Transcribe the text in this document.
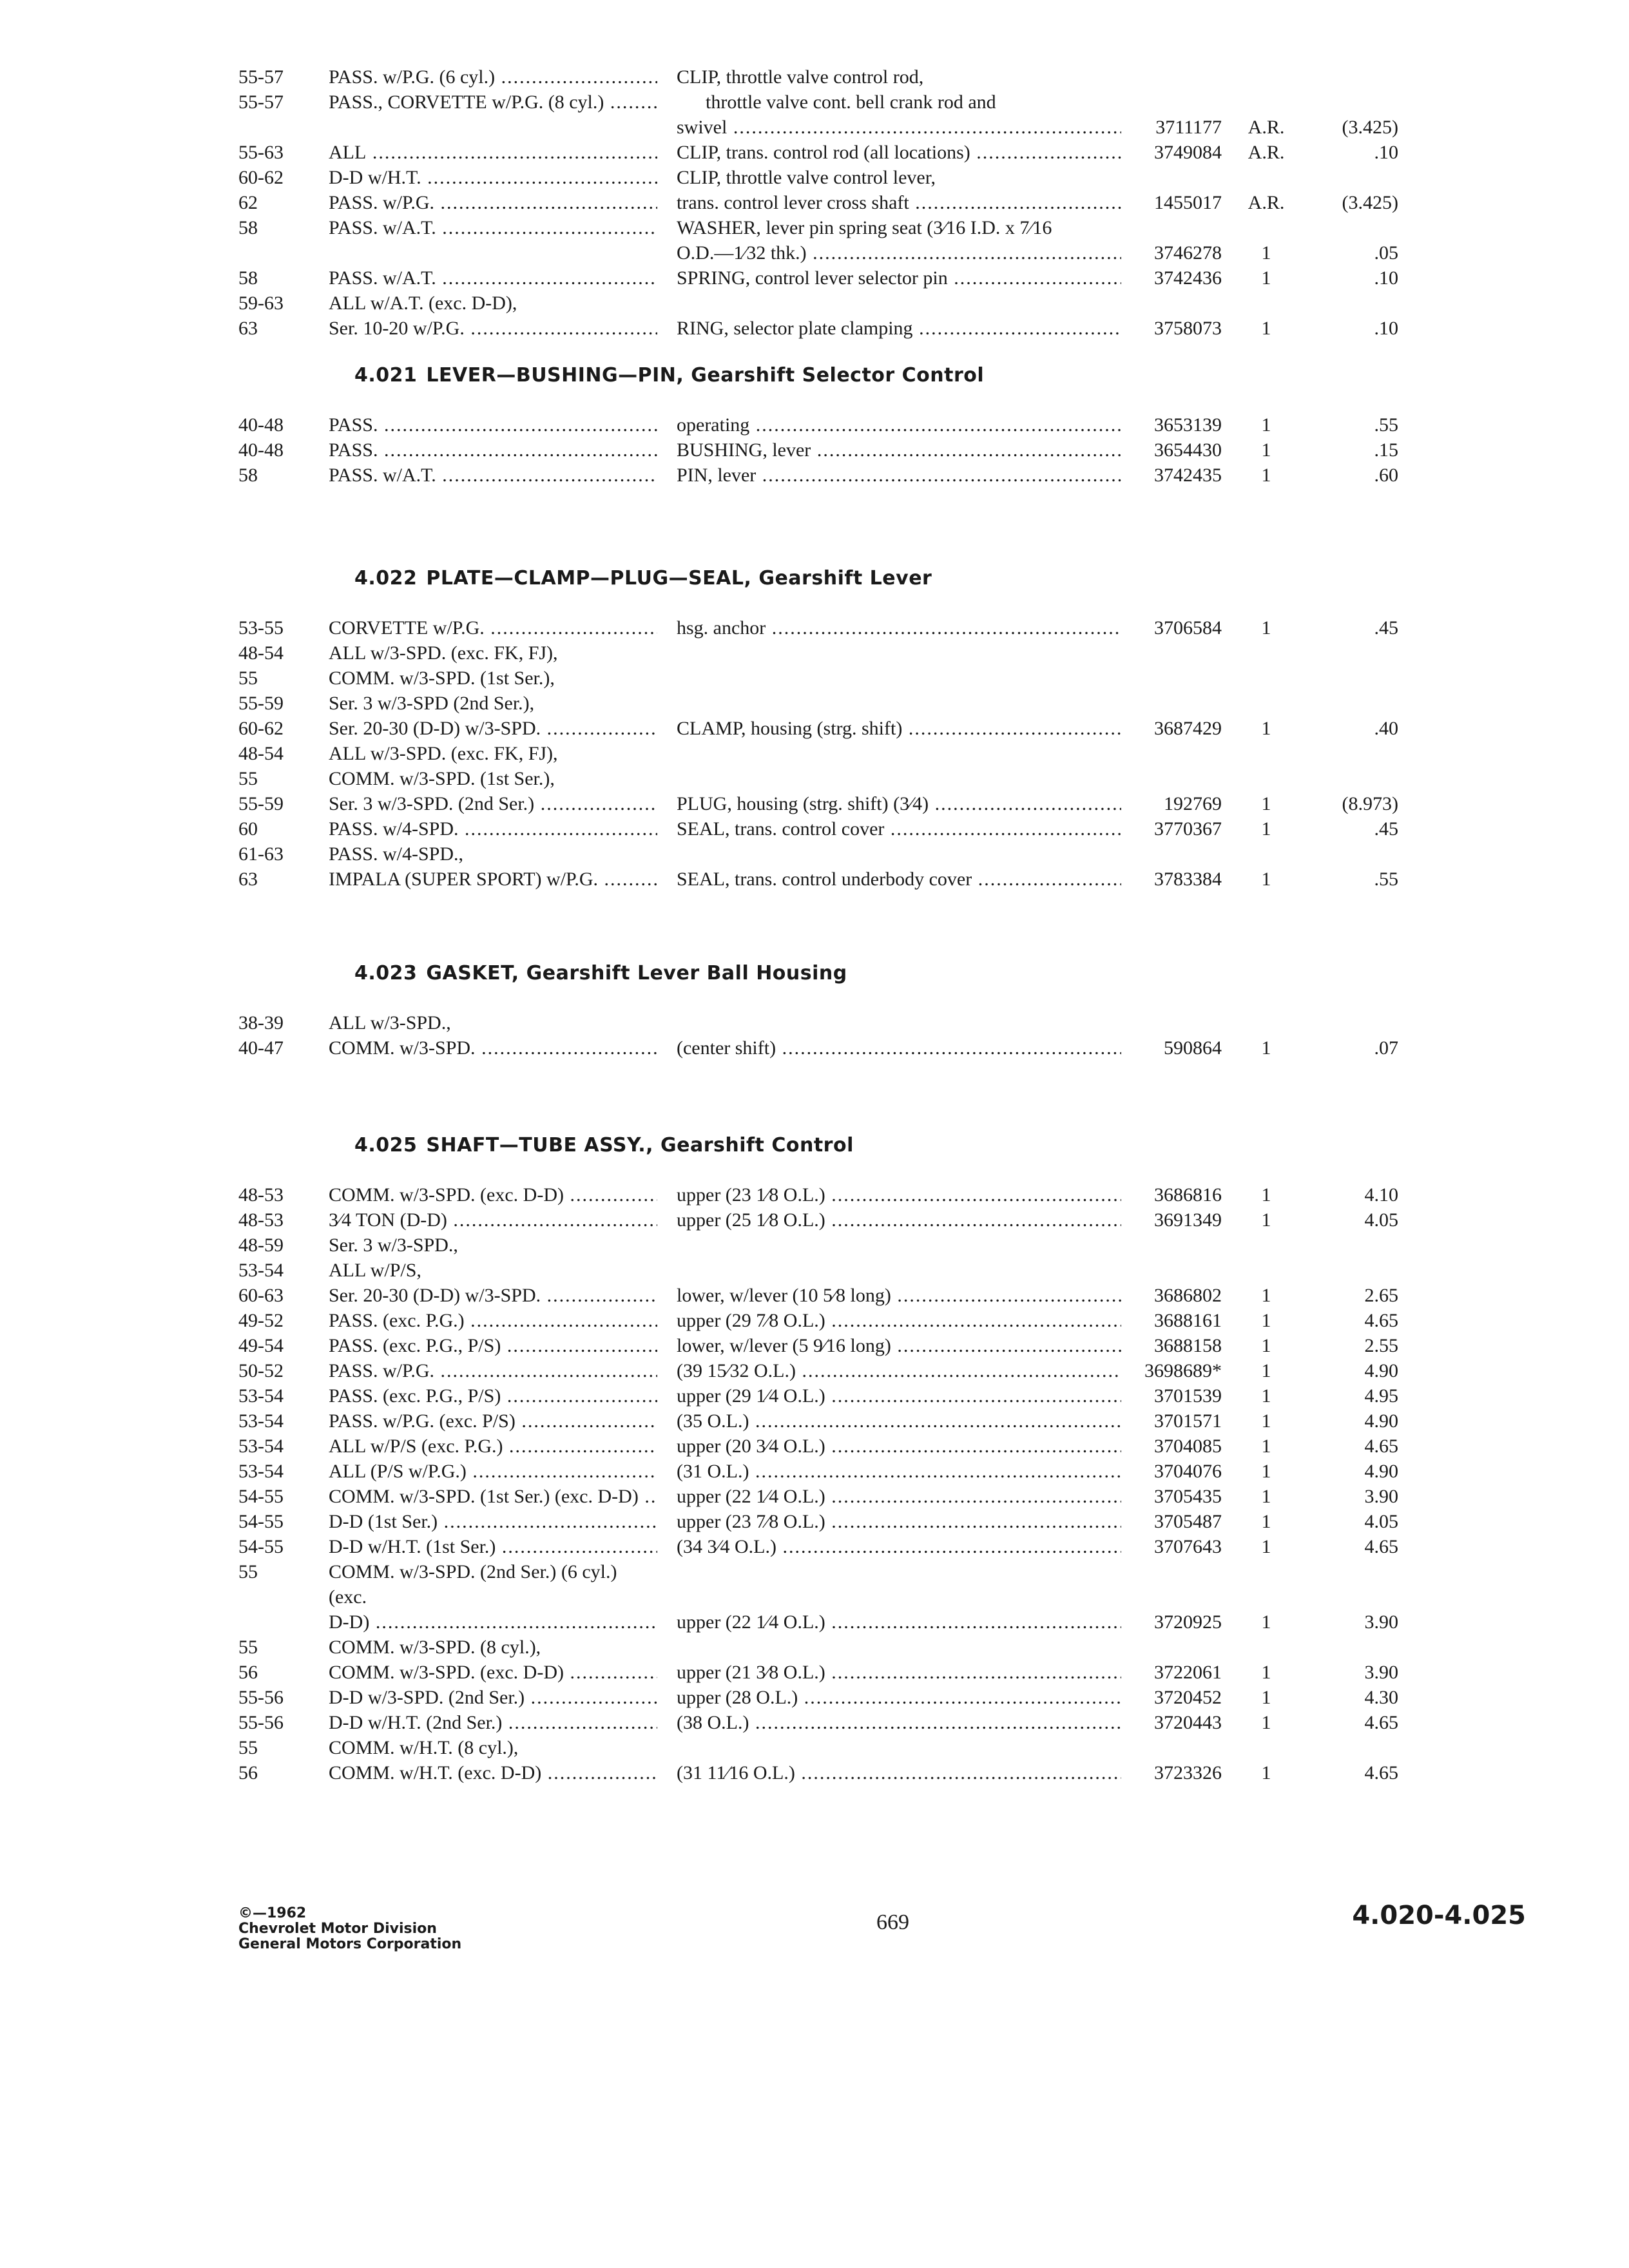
55-57	PASS. w/P.G. (6 cyl.) .....	CLIP, throttle valve control rod,
55-57	PASS., CORVETTE w/P.G. (8 cyl.) .....	throttle valve cont. bell crank rod and
swivel .....	3711177	A.R.	(3.425)
55-63	ALL .....	CLIP, trans. control rod (all locations) .....	3749084	A.R.	.10
60-62	D-D w/H.T. .....	CLIP, throttle valve control lever,
62	PASS. w/P.G. .....	trans. control lever cross shaft .....	1455017	A.R.	(3.425)
58	PASS. w/A.T. .....	WASHER, lever pin spring seat (3⁄16 I.D. x 7⁄16
O.D.—1⁄32 thk.) .....	3746278	1	.05
58	PASS. w/A.T. .....	SPRING, control lever selector pin .....	3742436	1	.10
59-63	ALL w/A.T. (exc. D-D),
63	Ser. 10-20 w/P.G. .....	RING, selector plate clamping .....	3758073	1	.10
4.021 LEVER—BUSHING—PIN, Gearshift Selector Control
40-48	PASS. .....	operating .....	3653139	1	.55
40-48	PASS. .....	BUSHING, lever .....	3654430	1	.15
58	PASS. w/A.T. .....	PIN, lever .....	3742435	1	.60
4.022 PLATE—CLAMP—PLUG—SEAL, Gearshift Lever
53-55	CORVETTE w/P.G. .....	hsg. anchor .....	3706584	1	.45
48-54	ALL w/3-SPD. (exc. FK, FJ),
55	COMM. w/3-SPD. (1st Ser.),
55-59	Ser. 3 w/3-SPD (2nd Ser.),
60-62	Ser. 20-30 (D-D) w/3-SPD. .....	CLAMP, housing (strg. shift) .....	3687429	1	.40
48-54	ALL w/3-SPD. (exc. FK, FJ),
55	COMM. w/3-SPD. (1st Ser.),
55-59	Ser. 3 w/3-SPD. (2nd Ser.) .....	PLUG, housing (strg. shift) (3⁄4) .....	192769	1	(8.973)
60	PASS. w/4-SPD. .....	SEAL, trans. control cover .....	3770367	1	.45
61-63	PASS. w/4-SPD.,
63	IMPALA (SUPER SPORT) w/P.G. .....	SEAL, trans. control underbody cover .....	3783384	1	.55
4.023 GASKET, Gearshift Lever Ball Housing
38-39	ALL w/3-SPD.,
40-47	COMM. w/3-SPD. .....	(center shift) .....	590864	1	.07
4.025 SHAFT—TUBE ASSY., Gearshift Control
48-53	COMM. w/3-SPD. (exc. D-D) .....	upper (23 1⁄8 O.L.) .....	3686816	1	4.10
48-53	3⁄4 TON (D-D) .....	upper (25 1⁄8 O.L.) .....	3691349	1	4.05
48-59	Ser. 3 w/3-SPD.,
53-54	ALL w/P/S,
60-63	Ser. 20-30 (D-D) w/3-SPD. .....	lower, w/lever (10 5⁄8 long) .....	3686802	1	2.65
49-52	PASS. (exc. P.G.) .....	upper (29 7⁄8 O.L.) .....	3688161	1	4.65
49-54	PASS. (exc. P.G., P/S) .....	lower, w/lever (5 9⁄16 long) .....	3688158	1	2.55
50-52	PASS. w/P.G. .....	(39 15⁄32 O.L.) .....	3698689*	1	4.90
53-54	PASS. (exc. P.G., P/S) .....	upper (29 1⁄4 O.L.) .....	3701539	1	4.95
53-54	PASS. w/P.G. (exc. P/S) .....	(35 O.L.) .....	3701571	1	4.90
53-54	ALL w/P/S (exc. P.G.) .....	upper (20 3⁄4 O.L.) .....	3704085	1	4.65
53-54	ALL (P/S w/P.G.) .....	(31 O.L.) .....	3704076	1	4.90
54-55	COMM. w/3-SPD. (1st Ser.) (exc. D-D) .....	upper (22 1⁄4 O.L.) .....	3705435	1	3.90
54-55	D-D (1st Ser.) .....	upper (23 7⁄8 O.L.) .....	3705487	1	4.05
54-55	D-D w/H.T. (1st Ser.) .....	(34 3⁄4 O.L.) .....	3707643	1	4.65
55	COMM. w/3-SPD. (2nd Ser.) (6 cyl.) (exc.
D-D) .....	upper (22 1⁄4 O.L.) .....	3720925	1	3.90
55	COMM. w/3-SPD. (8 cyl.),
56	COMM. w/3-SPD. (exc. D-D) .....	upper (21 3⁄8 O.L.) .....	3722061	1	3.90
55-56	D-D w/3-SPD. (2nd Ser.) .....	upper (28 O.L.) .....	3720452	1	4.30
55-56	D-D w/H.T. (2nd Ser.) .....	(38 O.L.) .....	3720443	1	4.65
55	COMM. w/H.T. (8 cyl.),
56	COMM. w/H.T. (exc. D-D) .....	(31 11⁄16 O.L.) .....	3723326	1	4.65
©—1962
Chevrolet Motor Division
General Motors Corporation
669	4.020-4.025
